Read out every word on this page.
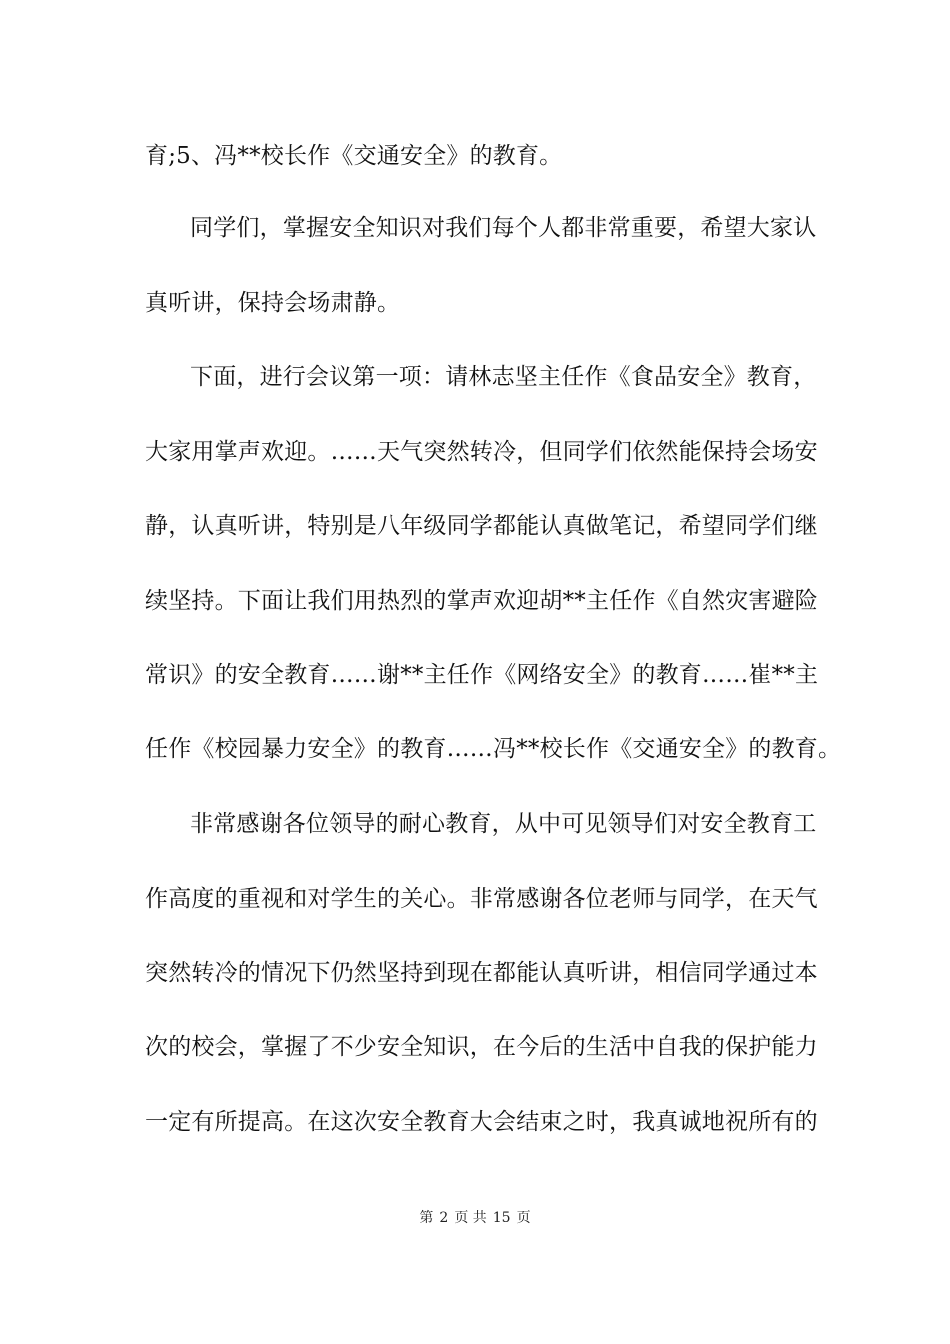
育;5、冯**校长作《交通安全》的教育。
同学们，掌握安全知识对我们每个人都非常重要，希望大家认
真听讲，保持会场肃静。
下面，进行会议第一项：请林志坚主任作《食品安全》教育，
大家用掌声欢迎。……天气突然转冷，但同学们依然能保持会场安
静，认真听讲，特别是八年级同学都能认真做笔记，希望同学们继
续坚持。下面让我们用热烈的掌声欢迎胡**主任作《自然灾害避险
常识》的安全教育……谢**主任作《网络安全》的教育……崔**主
任作《校园暴力安全》的教育……冯**校长作《交通安全》的教育。
非常感谢各位领导的耐心教育，从中可见领导们对安全教育工
作高度的重视和对学生的关心。非常感谢各位老师与同学，在天气
突然转冷的情况下仍然坚持到现在都能认真听讲，相信同学通过本
次的校会，掌握了不少安全知识，在今后的生活中自我的保护能力
一定有所提高。在这次安全教育大会结束之时，我真诚地祝所有的
第 2 页 共 15 页
